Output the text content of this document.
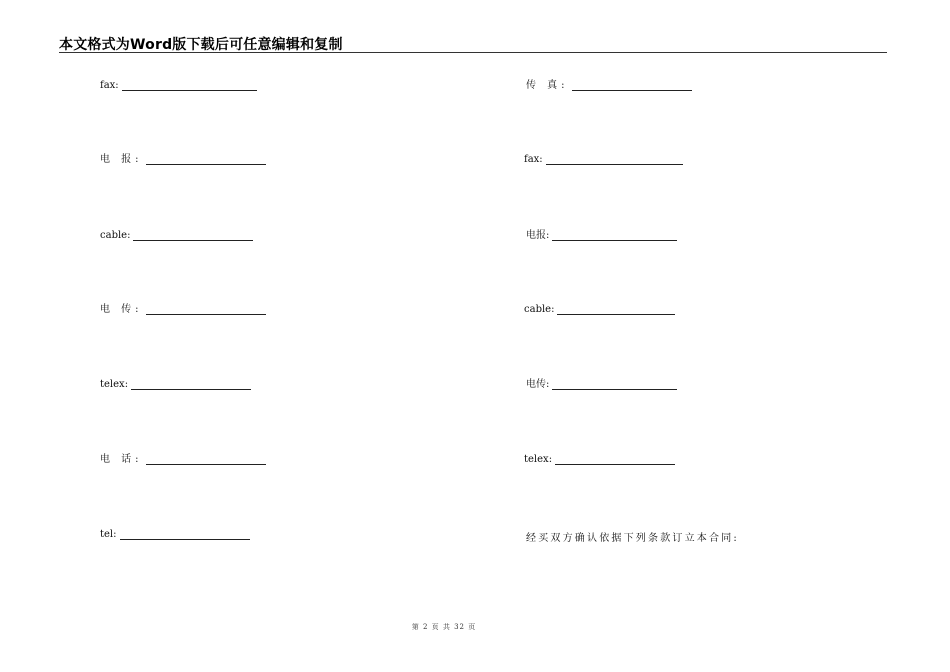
本文格式为Word版下载后可任意编辑和复制
fax:
电 报:
cable:
电 传:
telex:
电 话:
tel:
传 真:
fax:
电报:
cable:
电传:
telex:
经买双方确认依据下列条款订立本合同:
第 2 页 共 32 页
